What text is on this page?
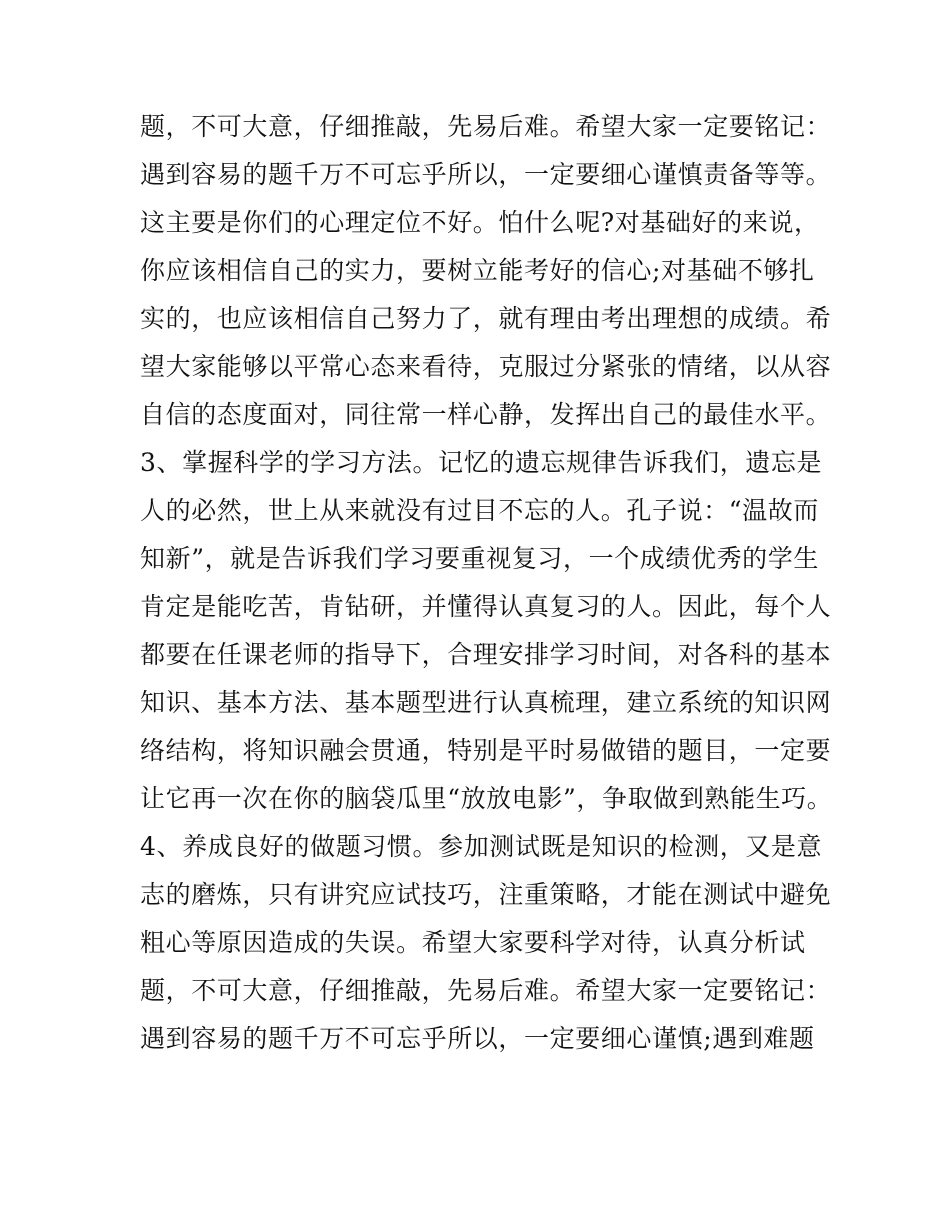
题，不可大意，仔细推敲，先易后难。希望大家一定要铭记：
遇到容易的题千万不可忘乎所以，一定要细心谨慎责备等等。
这主要是你们的心理定位不好。怕什么呢?对基础好的来说，
你应该相信自己的实力，要树立能考好的信心;对基础不够扎
实的，也应该相信自己努力了，就有理由考出理想的成绩。希
望大家能够以平常心态来看待，克服过分紧张的情绪，以从容
自信的态度面对，同往常一样心静，发挥出自己的最佳水平。
3、掌握科学的学习方法。记忆的遗忘规律告诉我们，遗忘是
人的必然，世上从来就没有过目不忘的人。孔子说：“温故而
知新”，就是告诉我们学习要重视复习，一个成绩优秀的学生
肯定是能吃苦，肯钻研，并懂得认真复习的人。因此，每个人
都要在任课老师的指导下，合理安排学习时间，对各科的基本
知识、基本方法、基本题型进行认真梳理，建立系统的知识网
络结构，将知识融会贯通，特别是平时易做错的题目，一定要
让它再一次在你的脑袋瓜里“放放电影”，争取做到熟能生巧。
4、养成良好的做题习惯。参加测试既是知识的检测，又是意
志的磨炼，只有讲究应试技巧，注重策略，才能在测试中避免
粗心等原因造成的失误。希望大家要科学对待，认真分析试
题，不可大意，仔细推敲，先易后难。希望大家一定要铭记：
遇到容易的题千万不可忘乎所以，一定要细心谨慎;遇到难题
